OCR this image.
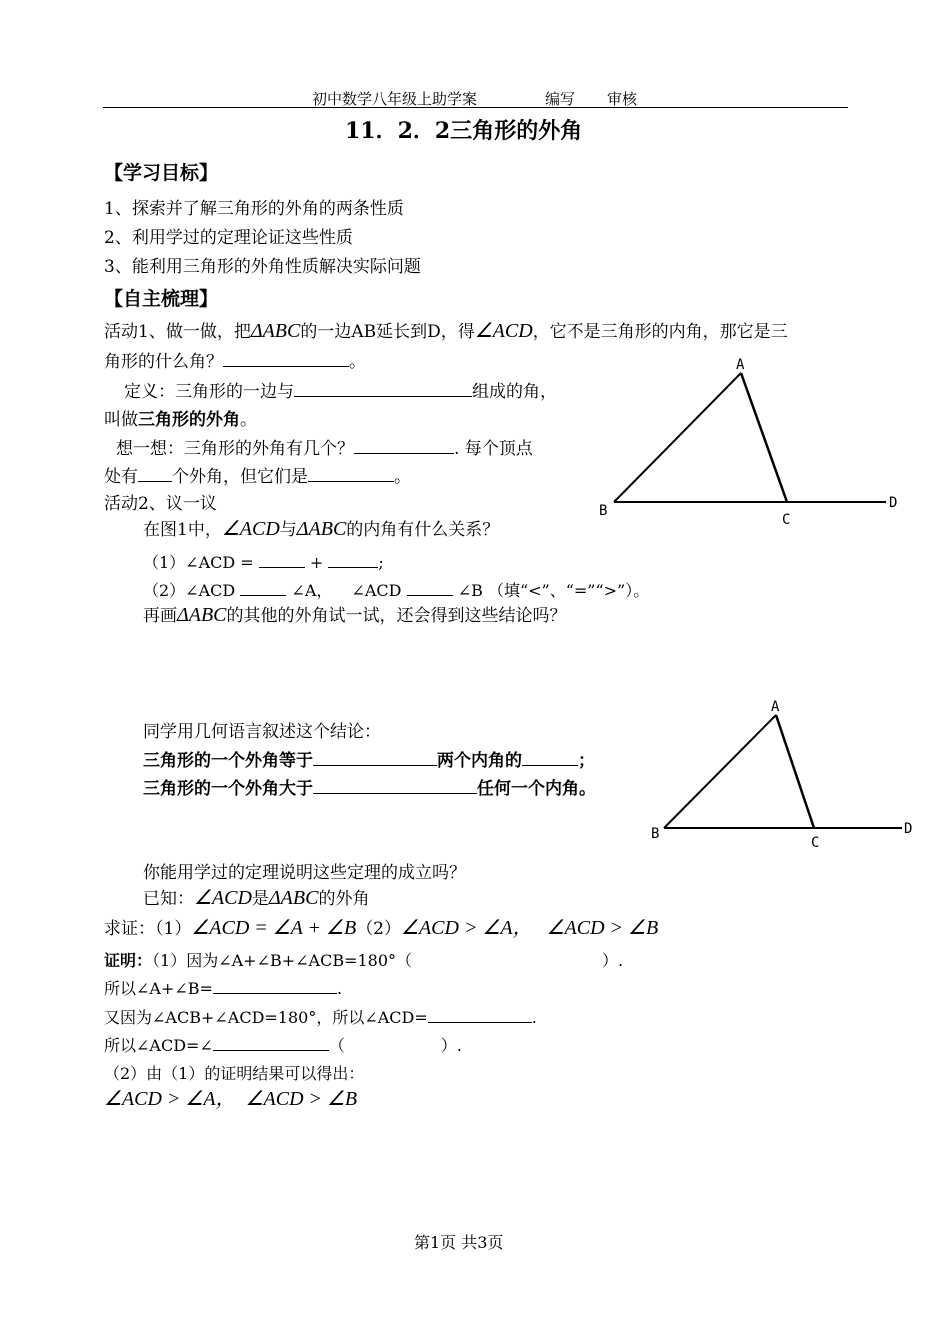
初中数学八年级上助学案	编写 审核
11．2．2三角形的外角
【学习目标】
1、探索并了解三角形的外角的两条性质
2、利用学过的定理论证这些性质
3、能利用三角形的外角性质解决实际问题
【自主梳理】
活动1、做一做，把ΔABC的一边AB延长到D，得∠ACD，它不是三角形的内角，那它是三
角形的什么角？	。
定义：三角形的一边与	组成的角，
叫做三角形的外角。
想一想：三角形的外角有几个？	. 每个顶点
处有 个外角，但它们是	。
活动2、议一议
在图1中，∠ACD与ΔABC的内角有什么关系？
（1）∠ACD =	+	;
（2）∠ACD	∠A， ∠ACD	∠B （填“<”、“=”“>”）。
再画ΔABC的其他的外角试一试，还会得到这些结论吗？
同学用几何语言叙述这个结论：
三角形的一个外角等于	两个内角的	；
三角形的一个外角大于	任何一个内角。
你能用学过的定理说明这些定理的成立吗？
已知：∠ACD是ΔABC的外角
求证：（1）∠ACD = ∠A + ∠B（2）∠ACD > ∠A， ∠ACD > ∠B
证明：（1）因为∠A+∠B+∠ACB=180°（	）.
所以∠A+∠B=	.
又因为∠ACB+∠ACD=180°，所以∠ACD=	.
所以∠ACD=∠	（	）.
（2）由（1）的证明结果可以得出：
∠ACD > ∠A， ∠ACD > ∠B
A
B
C
D
A
B
C
D
第1页 共3页
